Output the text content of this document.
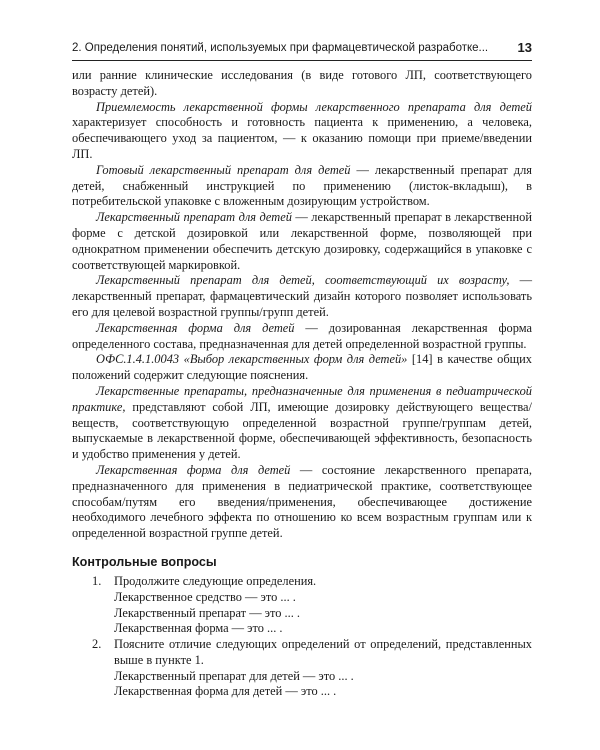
2. Определения понятий, используемых при фармацевтической разработке... 13

или ранние клинические исследования (в виде готового ЛП, соответствующего возрасту детей).

Приемлемость лекарственной формы лекарственного препарата для детей характеризует способность и готовность пациента к применению, а человека, обеспечивающего уход за пациентом, — к оказанию помощи при приеме/введении ЛП.

Готовый лекарственный препарат для детей — лекарственный препарат для детей, снабженный инструкцией по применению (листок-вкладыш), в потребительской упаковке с вложенным дозирующим устройством.

Лекарственный препарат для детей — лекарственный препарат в лекарственной форме с детской дозировкой или лекарственной форме, позволяющей при однократном применении обеспечить детскую дозировку, содержащийся в упаковке с соответствующей маркировкой.

Лекарственный препарат для детей, соответствующий их возрасту, — лекарственный препарат, фармацевтический дизайн которого позволяет использовать его для целевой возрастной группы/групп детей.

Лекарственная форма для детей — дозированная лекарственная форма определенного состава, предназначенная для детей определенной возрастной группы.

ОФС.1.4.1.0043 «Выбор лекарственных форм для детей» [14] в качестве общих положений содержит следующие пояснения.

Лекарственные препараты, предназначенные для применения в педиатрической практике, представляют собой ЛП, имеющие дозировку действующего вещества/веществ, соответствующую определенной возрастной группе/группам детей, выпускаемые в лекарственной форме, обеспечивающей эффективность, безопасность и удобство применения у детей.

Лекарственная форма для детей — состояние лекарственного препарата, предназначенного для применения в педиатрической практике, соответствующее способам/путям его введения/применения, обеспечивающее достижение необходимого лечебного эффекта по отношению ко всем возрастным группам или к определенной возрастной группе детей.

Контрольные вопросы
1. Продолжите следующие определения.
Лекарственное средство — это ... .
Лекарственный препарат — это ... .
Лекарственная форма — это ... .
2. Поясните отличие следующих определений от определений, представленных выше в пункте 1.
Лекарственный препарат для детей — это ... .
Лекарственная форма для детей — это ... .
